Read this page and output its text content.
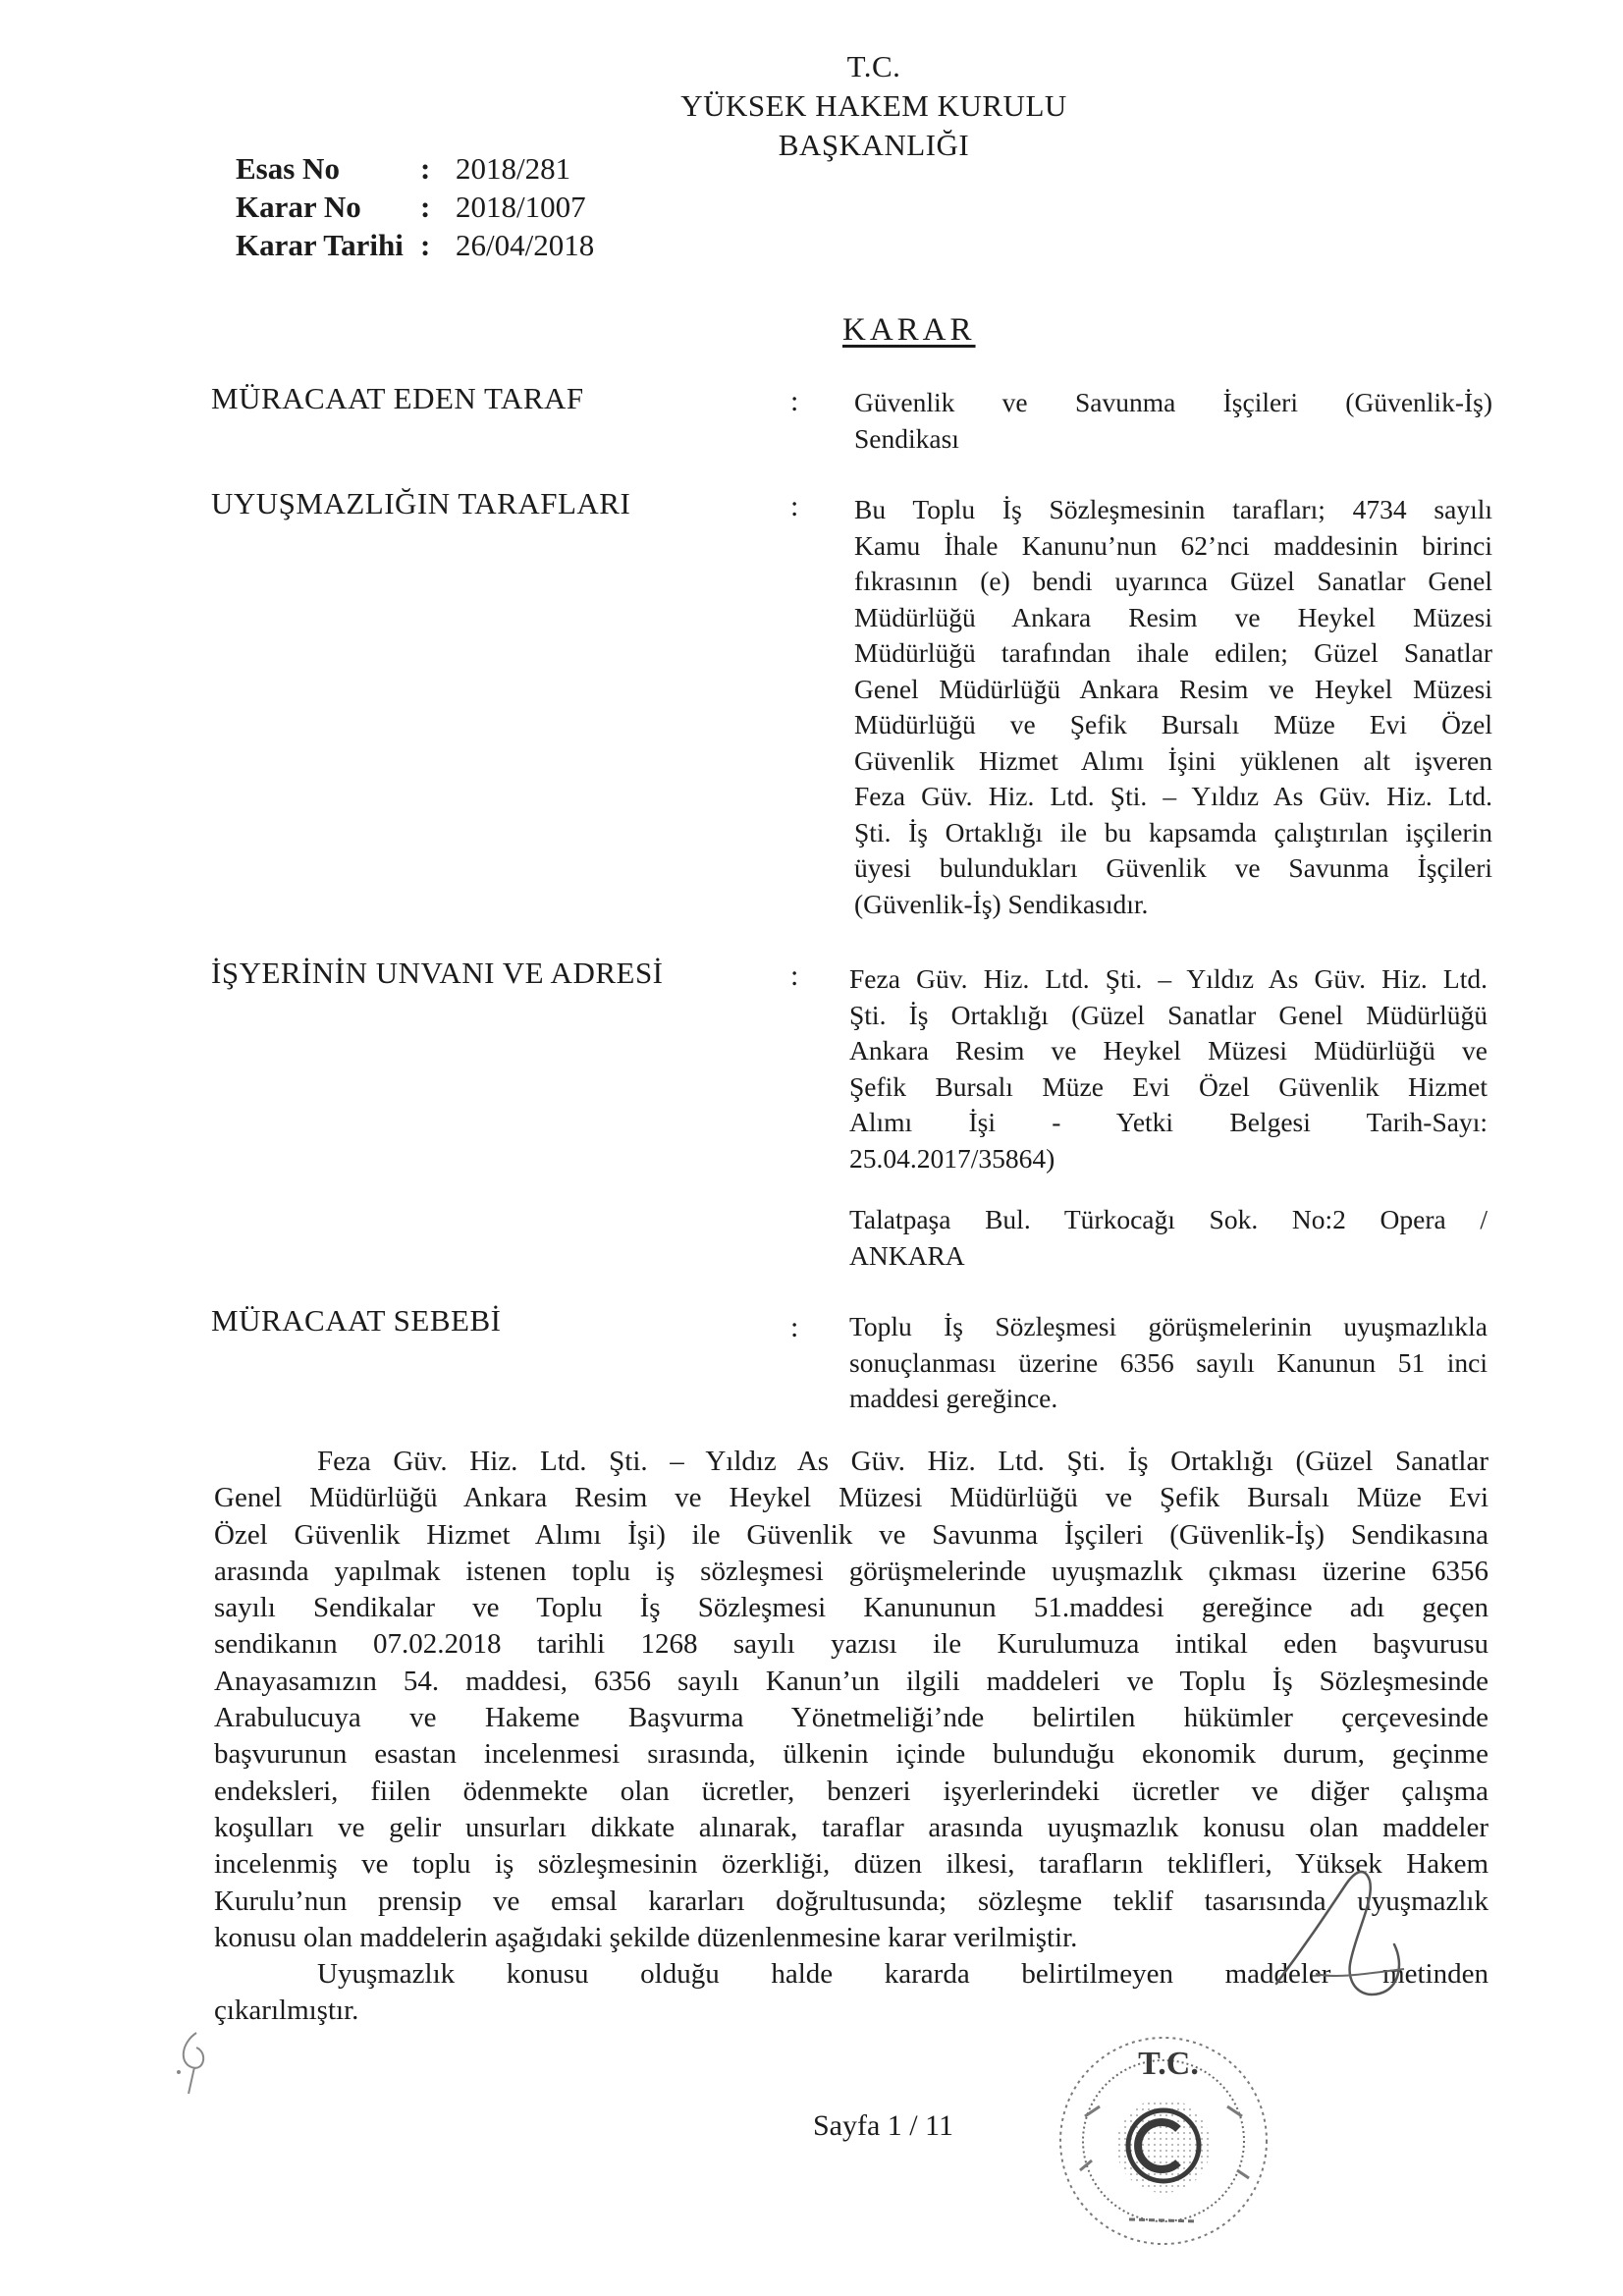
T.C.
YÜKSEK HAKEM KURULU
BAŞKANLIĞI
Esas No	: 2018/281
Karar No	: 2018/1007
Karar Tarihi : 26/04/2018
KARAR
MÜRACAAT EDEN TARAF	: Güvenlik ve Savunma İşçileri (Güvenlik-İş)
Sendikası
UYUŞMAZLIĞIN TARAFLARI	: Bu Toplu İş Sözleşmesinin tarafları; 4734 sayılı
Kamu İhale Kanunu’nun 62’nci maddesinin birinci
fıkrasının (e) bendi uyarınca Güzel Sanatlar Genel
Müdürlüğü Ankara Resim ve Heykel Müzesi
Müdürlüğü tarafından ihale edilen; Güzel Sanatlar
Genel Müdürlüğü Ankara Resim ve Heykel Müzesi
Müdürlüğü ve Şefik Bursalı Müze Evi Özel
Güvenlik Hizmet Alımı İşini yüklenen alt işveren
Feza Güv. Hiz. Ltd. Şti. – Yıldız As Güv. Hiz. Ltd.
Şti. İş Ortaklığı ile bu kapsamda çalıştırılan işçilerin
üyesi bulundukları Güvenlik ve Savunma İşçileri
(Güvenlik-İş) Sendikasıdır.
İŞYERİNİN UNVANI VE ADRESİ	: Feza Güv. Hiz. Ltd. Şti. – Yıldız As Güv. Hiz. Ltd.
Şti. İş Ortaklığı (Güzel Sanatlar Genel Müdürlüğü
Ankara Resim ve Heykel Müzesi Müdürlüğü ve
Şefik Bursalı Müze Evi Özel Güvenlik Hizmet
Alımı İşi - Yetki Belgesi Tarih-Sayı:
25.04.2017/35864)
Talatpaşa Bul. Türkocağı Sok. No:2 Opera /
ANKARA
MÜRACAAT SEBEBİ	: Toplu İş Sözleşmesi görüşmelerinin uyuşmazlıkla
sonuçlanması üzerine 6356 sayılı Kanunun 51 inci
maddesi gereğince.
Feza Güv. Hiz. Ltd. Şti. – Yıldız As Güv. Hiz. Ltd. Şti. İş Ortaklığı (Güzel Sanatlar
Genel Müdürlüğü Ankara Resim ve Heykel Müzesi Müdürlüğü ve Şefik Bursalı Müze Evi
Özel Güvenlik Hizmet Alımı İşi) ile Güvenlik ve Savunma İşçileri (Güvenlik-İş) Sendikasına
arasında yapılmak istenen toplu iş sözleşmesi görüşmelerinde uyuşmazlık çıkması üzerine 6356
sayılı Sendikalar ve Toplu İş Sözleşmesi Kanununun 51.maddesi gereğince adı geçen
sendikanın 07.02.2018 tarihli 1268 sayılı yazısı ile Kurulumuza intikal eden başvurusu
Anayasamızın 54. maddesi, 6356 sayılı Kanun’un ilgili maddeleri ve Toplu İş Sözleşmesinde
Arabulucuya ve Hakeme Başvurma Yönetmeliği’nde belirtilen hükümler çerçevesinde
başvurunun esastan incelenmesi sırasında, ülkenin içinde bulunduğu ekonomik durum, geçinme
endeksleri, fiilen ödenmekte olan ücretler, benzeri işyerlerindeki ücretler ve diğer çalışma
koşulları ve gelir unsurları dikkate alınarak, taraflar arasında uyuşmazlık konusu olan maddeler
incelenmiş ve toplu iş sözleşmesinin özerkliği, düzen ilkesi, tarafların teklifleri, Yüksek Hakem
Kurulu’nun prensip ve emsal kararları doğrultusunda; sözleşme teklif tasarısında uyuşmazlık
konusu olan maddelerin aşağıdaki şekilde düzenlenmesine karar verilmiştir.
Uyuşmazlık konusu olduğu halde kararda belirtilmeyen maddeler metinden
çıkarılmıştır.
Sayfa 1 / 11
T.C.
